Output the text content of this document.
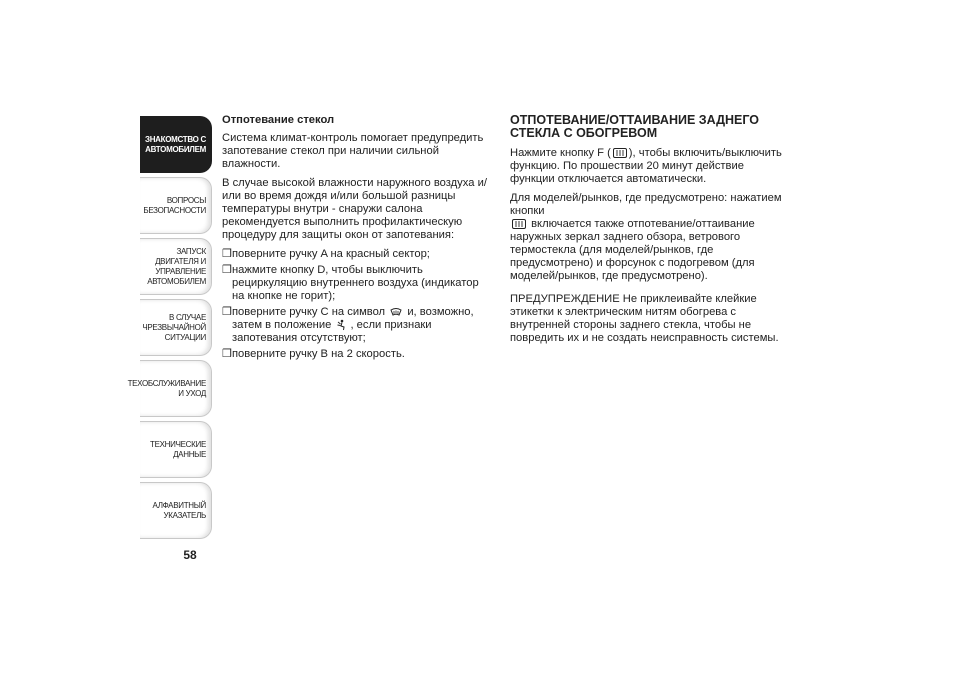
ЗНАКОМСТВО С
АВТОМОБИЛЕМ
ВОПРОСЫ
БЕЗОПАСНОСТИ
ЗАПУСК ДВИГАТЕЛЯ И
УПРАВЛЕНИЕ
АВТОМОБИЛЕМ
В СЛУЧАЕ
ЧРЕЗВЫЧАЙНОЙ
СИТУАЦИИ
ТЕХОБСЛУЖИВАНИЕ
И УХОД
ТЕХНИЧЕСКИЕ
ДАННЫЕ
АЛФАВИТНЫЙ
УКАЗАТЕЛЬ
58

Отпотевание стекол

Система климат-контроль помогает предупредить запотевание стекол при наличии сильной влажности.

В случае высокой влажности наружного воздуха и/или во время дождя и/или большой разницы температуры внутри - снаружи салона рекомендуется выполнить профилактическую процедуру для защиты окон от запотевания:

❒поверните ручку A на красный сектор;

❒нажмите кнопку D, чтобы выключить рециркуляцию внутреннего воздуха (индикатор на кнопке не горит);

❒поверните ручку C на символ и, возможно, затем в положение , если признаки запотевания отсутствуют;

❒поверните ручку B на 2 скорость.

ОТПОТЕВАНИЕ/ОТТАИВАНИЕ ЗАДНЕГО СТЕКЛА С ОБОГРЕВОМ

Нажмите кнопку F ( ), чтобы включить/выключить функцию. По прошествии 20 минут действие функции отключается автоматически.

Для моделей/рынков, где предусмотрено: нажатием кнопки
включается также отпотевание/оттаивание наружных зеркал заднего обзора, ветрового термостекла (для моделей/рынков, где предусмотрено) и форсунок с подогревом (для моделей/рынков, где предусмотрено).

ПРЕДУПРЕЖДЕНИЕ Не приклеивайте клейкие этикетки к электрическим нитям обогрева с внутренней стороны заднего стекла, чтобы не повредить их и не создать неисправность системы.
